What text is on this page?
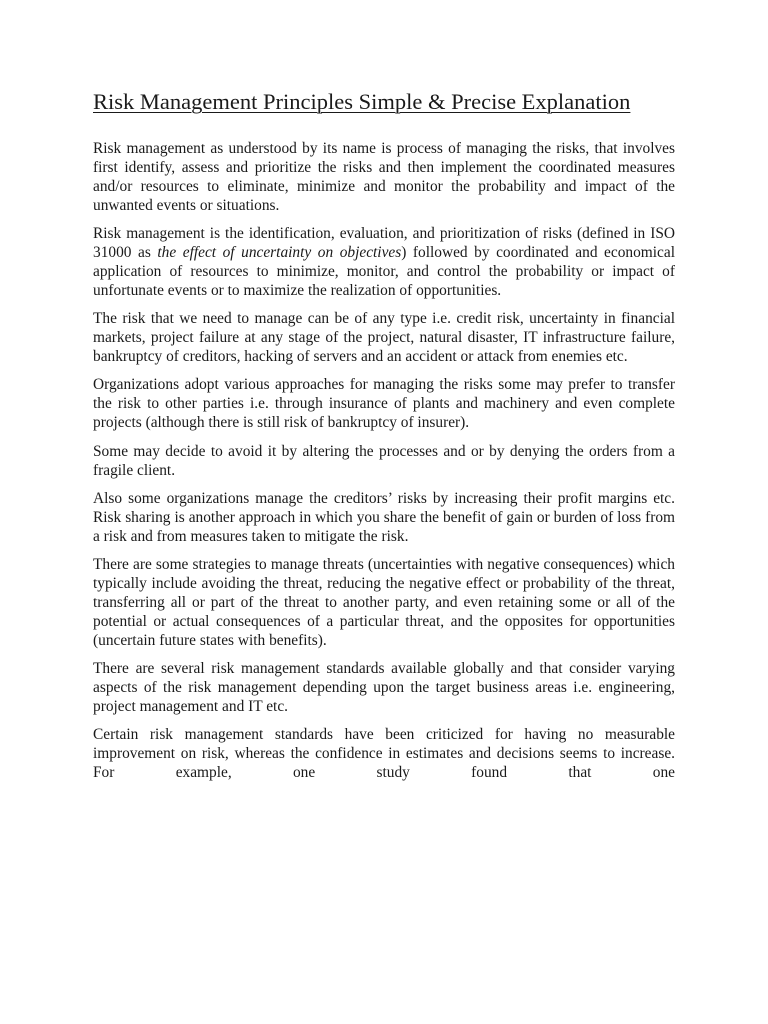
Risk Management Principles Simple & Precise Explanation

Risk management as understood by its name is process of managing the risks, that involves first identify, assess and prioritize the risks and then implement the coordinated measures and/or resources to eliminate, minimize and monitor the probability and impact of the unwanted events or situations.

Risk management is the identification, evaluation, and prioritization of risks (defined in ISO 31000 as the effect of uncertainty on objectives) followed by coordinated and economical application of resources to minimize, monitor, and control the probability or impact of unfortunate events or to maximize the realization of opportunities.

The risk that we need to manage can be of any type i.e. credit risk, uncertainty in financial markets, project failure at any stage of the project, natural disaster, IT infrastructure failure, bankruptcy of creditors, hacking of servers and an accident or attack from enemies etc.

Organizations adopt various approaches for managing the risks some may prefer to transfer the risk to other parties i.e. through insurance of plants and machinery and even complete projects (although there is still risk of bankruptcy of insurer).

Some may decide to avoid it by altering the processes and or by denying the orders from a fragile client.

Also some organizations manage the creditors’ risks by increasing their profit margins etc. Risk sharing is another approach in which you share the benefit of gain or burden of loss from a risk and from measures taken to mitigate the risk.

There are some strategies to manage threats (uncertainties with negative consequences) which typically include avoiding the threat, reducing the negative effect or probability of the threat, transferring all or part of the threat to another party, and even retaining some or all of the potential or actual consequences of a particular threat, and the opposites for opportunities (uncertain future states with benefits).

There are several risk management standards available globally and that consider varying aspects of the risk management depending upon the target business areas i.e. engineering, project management and IT etc.

Certain risk management standards have been criticized for having no measurable improvement on risk, whereas the confidence in estimates and decisions seems to increase. For example, one study found that one
